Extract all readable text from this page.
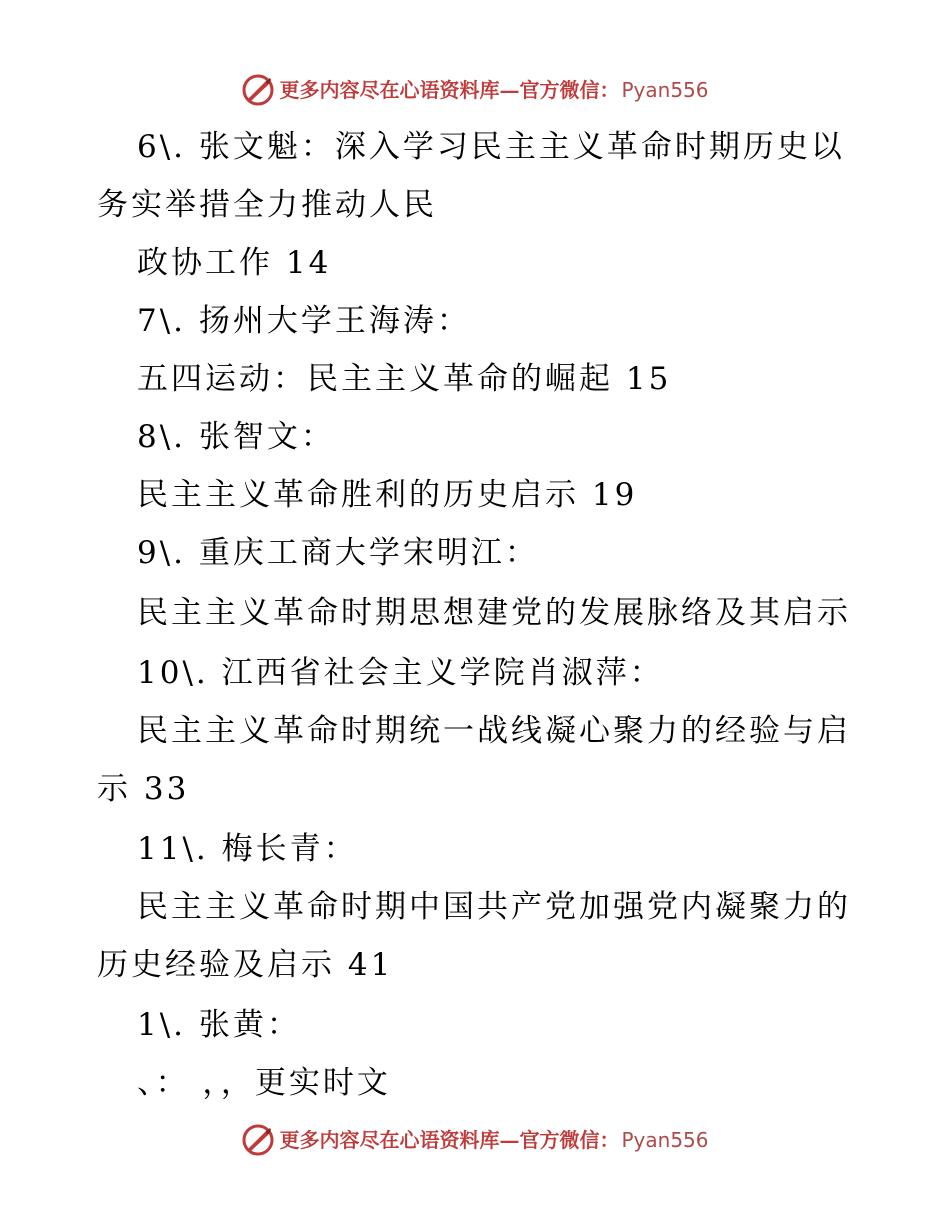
更多内容尽在心语资料库—官方微信： Pyan556
6\. 张文魁：深入学习民主主义革命时期历史以
务实举措全力推动人民
政协工作 14
7\. 扬州大学王海涛：
五四运动：民主主义革命的崛起 15
8\. 张智文：
民主主义革命胜利的历史启示 19
9\. 重庆工商大学宋明江：
民主主义革命时期思想建党的发展脉络及其启示
10\. 江西省社会主义学院肖淑萍：
民主主义革命时期统一战线凝心聚力的经验与启
示 33
11\. 梅长青：
民主主义革命时期中国共产党加强党内凝聚力的
历史经验及启示 41
1\. 张黄：
、： ，，更实时文
更多内容尽在心语资料库—官方微信： Pyan556
